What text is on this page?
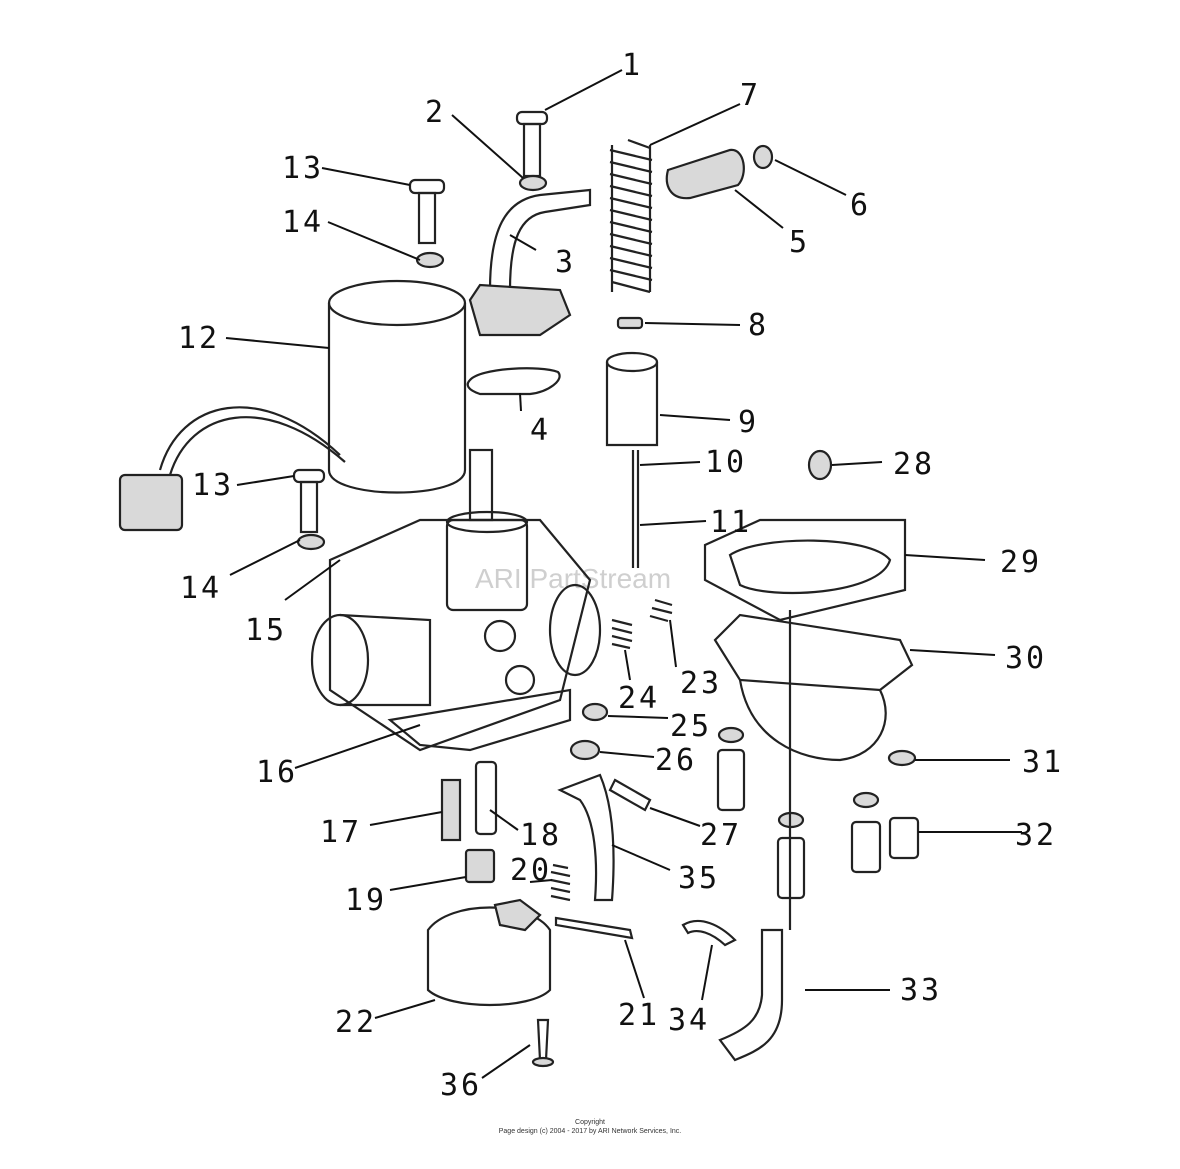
ARI PartStream
1
2
3
4
5
6
7
8
9
10
11
12
13
14
13
14
15
16
17	18
19
20
21
22
23
24
25
26
27
28
29
30
31
32
33
34
35
36
Copyright
Page design (c) 2004 - 2017 by ARI Network Services, Inc.
